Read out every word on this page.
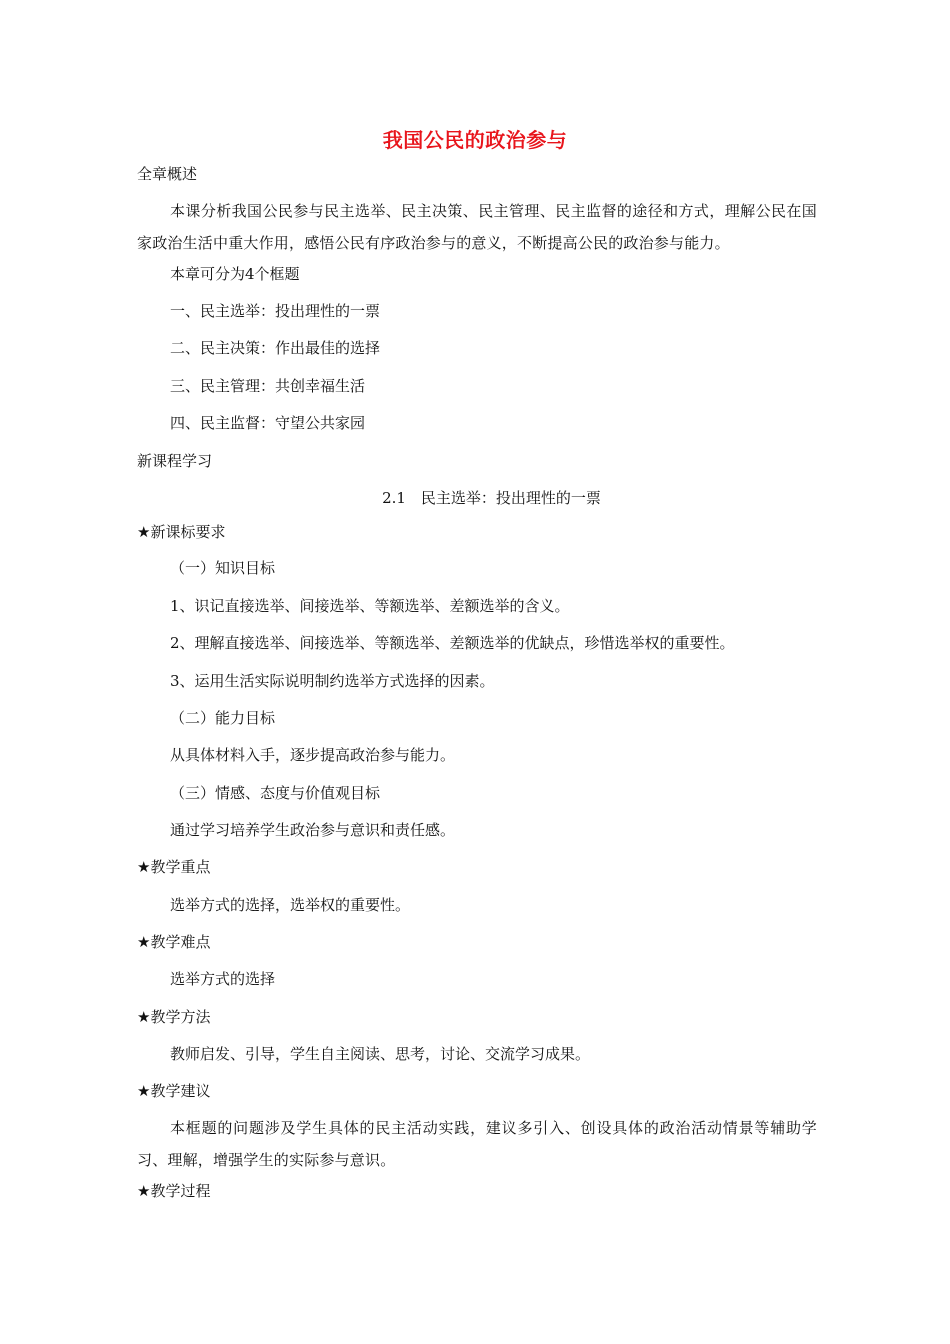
我国公民的政治参与
全章概述
本课分析我国公民参与民主选举、民主决策、民主管理、民主监督的途径和方式，理解公民在国家政治生活中重大作用，感悟公民有序政治参与的意义，不断提高公民的政治参与能力。
本章可分为4个框题
一、民主选举：投出理性的一票
二、民主决策：作出最佳的选择
三、民主管理：共创幸福生活
四、民主监督：守望公共家园
新课程学习
2.1　民主选举：投出理性的一票
★新课标要求
（一）知识目标
1、识记直接选举、间接选举、等额选举、差额选举的含义。
2、理解直接选举、间接选举、等额选举、差额选举的优缺点，珍惜选举权的重要性。
3、运用生活实际说明制约选举方式选择的因素。
（二）能力目标
从具体材料入手，逐步提高政治参与能力。
（三）情感、态度与价值观目标
通过学习培养学生政治参与意识和责任感。
★教学重点
选举方式的选择，选举权的重要性。
★教学难点
选举方式的选择
★教学方法
教师启发、引导，学生自主阅读、思考，讨论、交流学习成果。
★教学建议
本框题的问题涉及学生具体的民主活动实践，建议多引入、创设具体的政治活动情景等辅助学习、理解，增强学生的实际参与意识。
★教学过程
